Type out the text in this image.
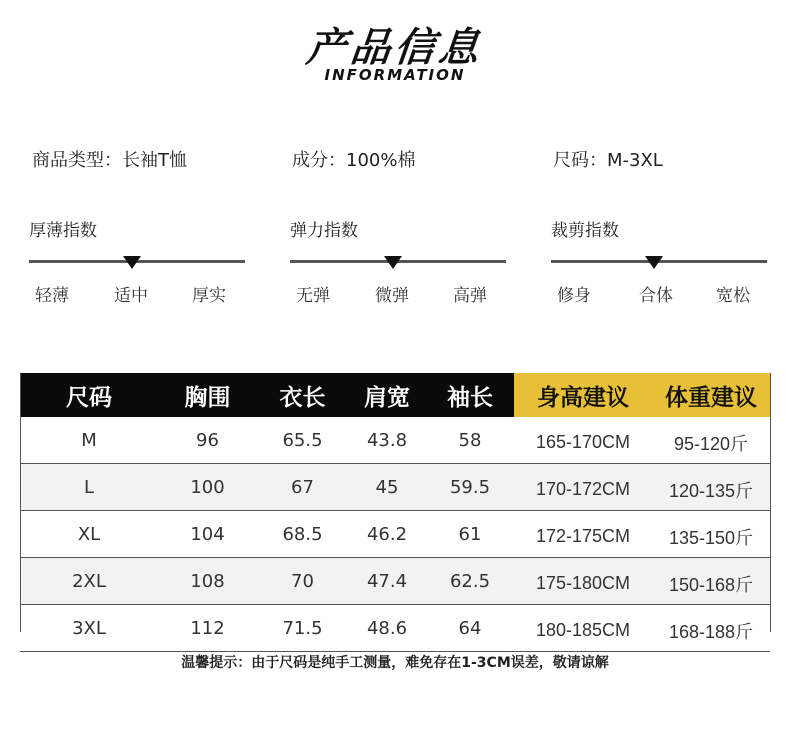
产品信息
INFORMATION
商品类型：长袖T恤	成分：100%棉	尺码：M-3XL
厚薄指数
轻薄	适中	厚实
弹力指数
无弹	微弹	高弹
裁剪指数
修身	合体	宽松
尺码	胸围	衣长	肩宽	袖长	身高建议	体重建议
M	96	65.5	43.8	58	165-170CM	95-120斤
L	100	67	45	59.5	170-172CM	120-135斤
XL	104	68.5	46.2	61	172-175CM	135-150斤
2XL	108	70	47.4	62.5	175-180CM	150-168斤
3XL	112	71.5	48.6	64	180-185CM	168-188斤
温馨提示：由于尺码是纯手工测量，难免存在1-3CM误差，敬请谅解
